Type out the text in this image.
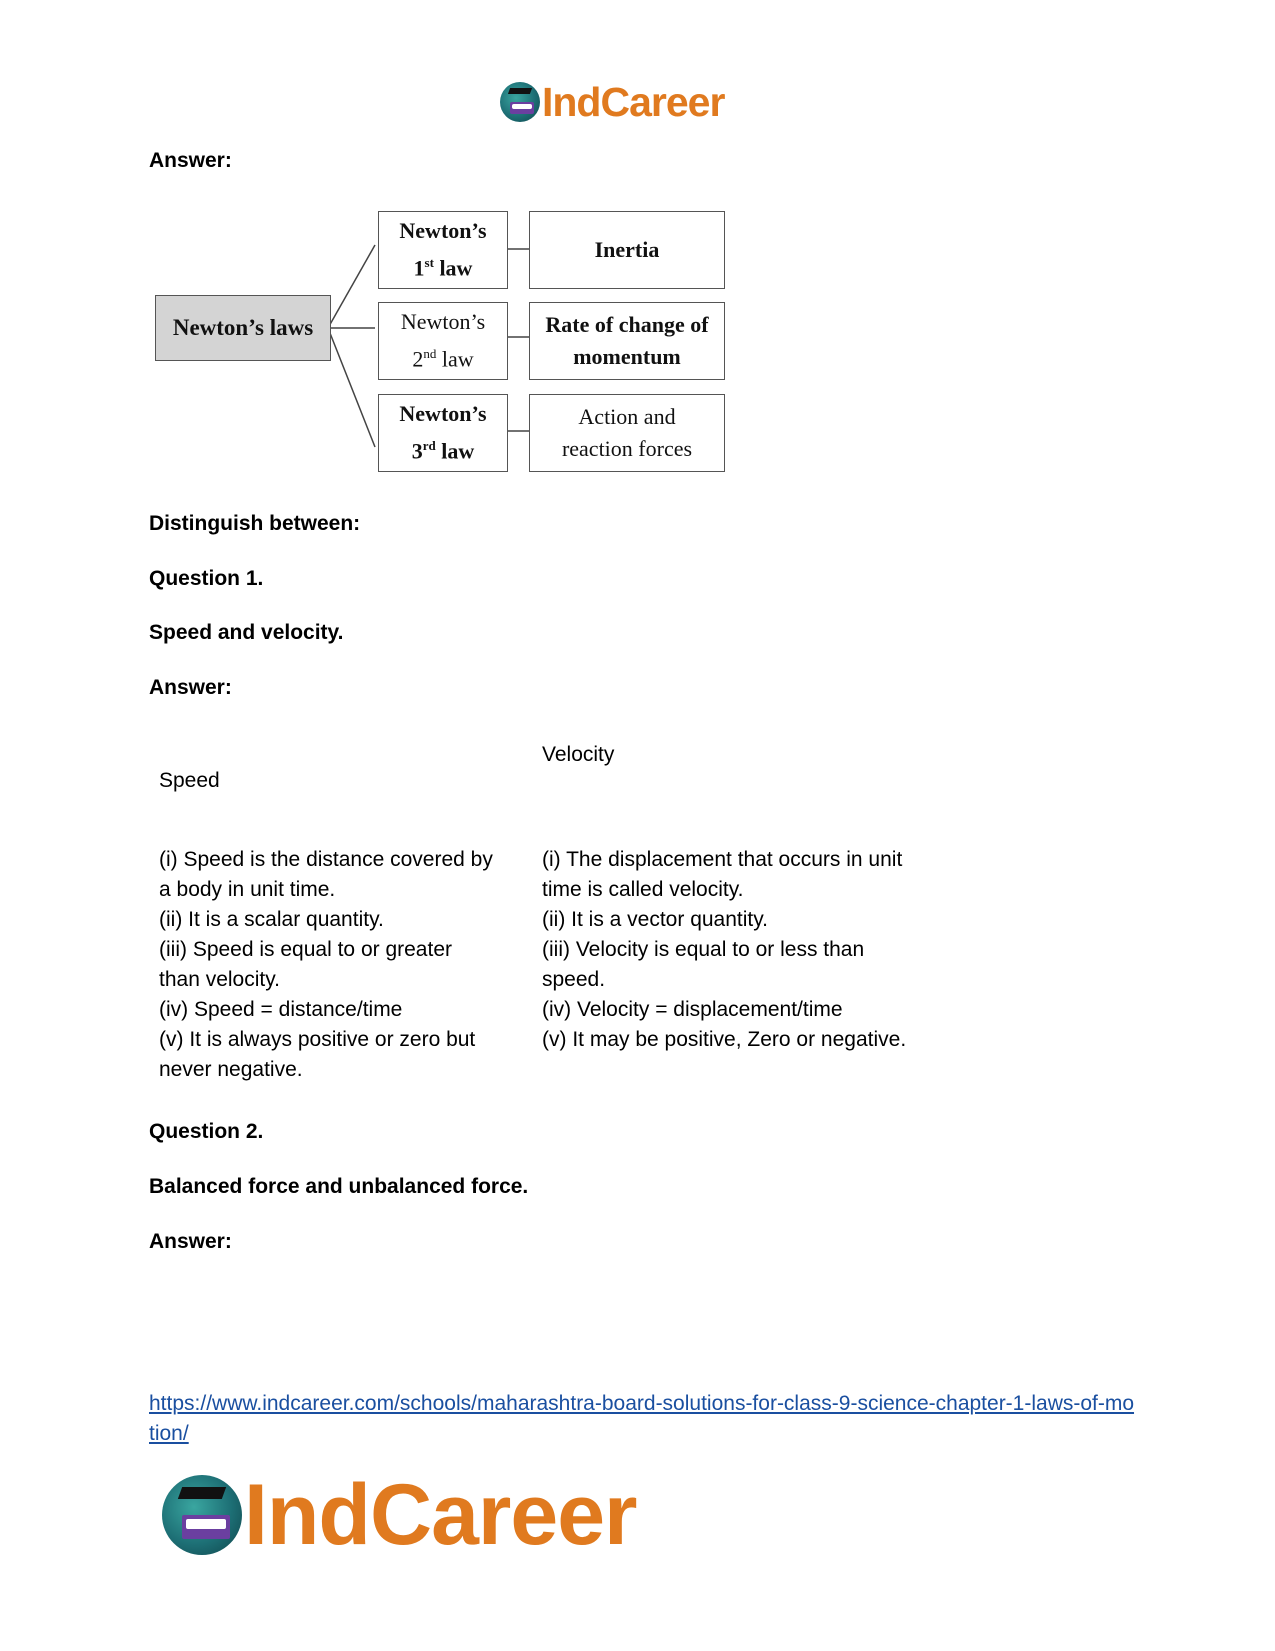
IndCareer

Answer:

Newton’s laws
Newton’s
1st law
Inertia
Newton’s
2nd law
Rate of change of
momentum
Newton’s
3rd law
Action and
reaction forces

Distinguish between:

Question 1.

Speed and velocity.

Answer:

Speed
Velocity
(i) Speed is the distance covered by
a body in unit time.
(ii) It is a scalar quantity.
(iii) Speed is equal to or greater
than velocity.
(iv) Speed = distance/time
(v) It is always positive or zero but
never negative.
(i) The displacement that occurs in unit
time is called velocity.
(ii) It is a vector quantity.
(iii) Velocity is equal to or less than
speed.
(iv) Velocity = displacement/time
(v) It may be positive, Zero or negative.

Question 2.

Balanced force and unbalanced force.

Answer:

https://www.indcareer.com/schools/maharashtra-board-solutions-for-class-9-science-chapter-1-laws-of-motion/
IndCareer
